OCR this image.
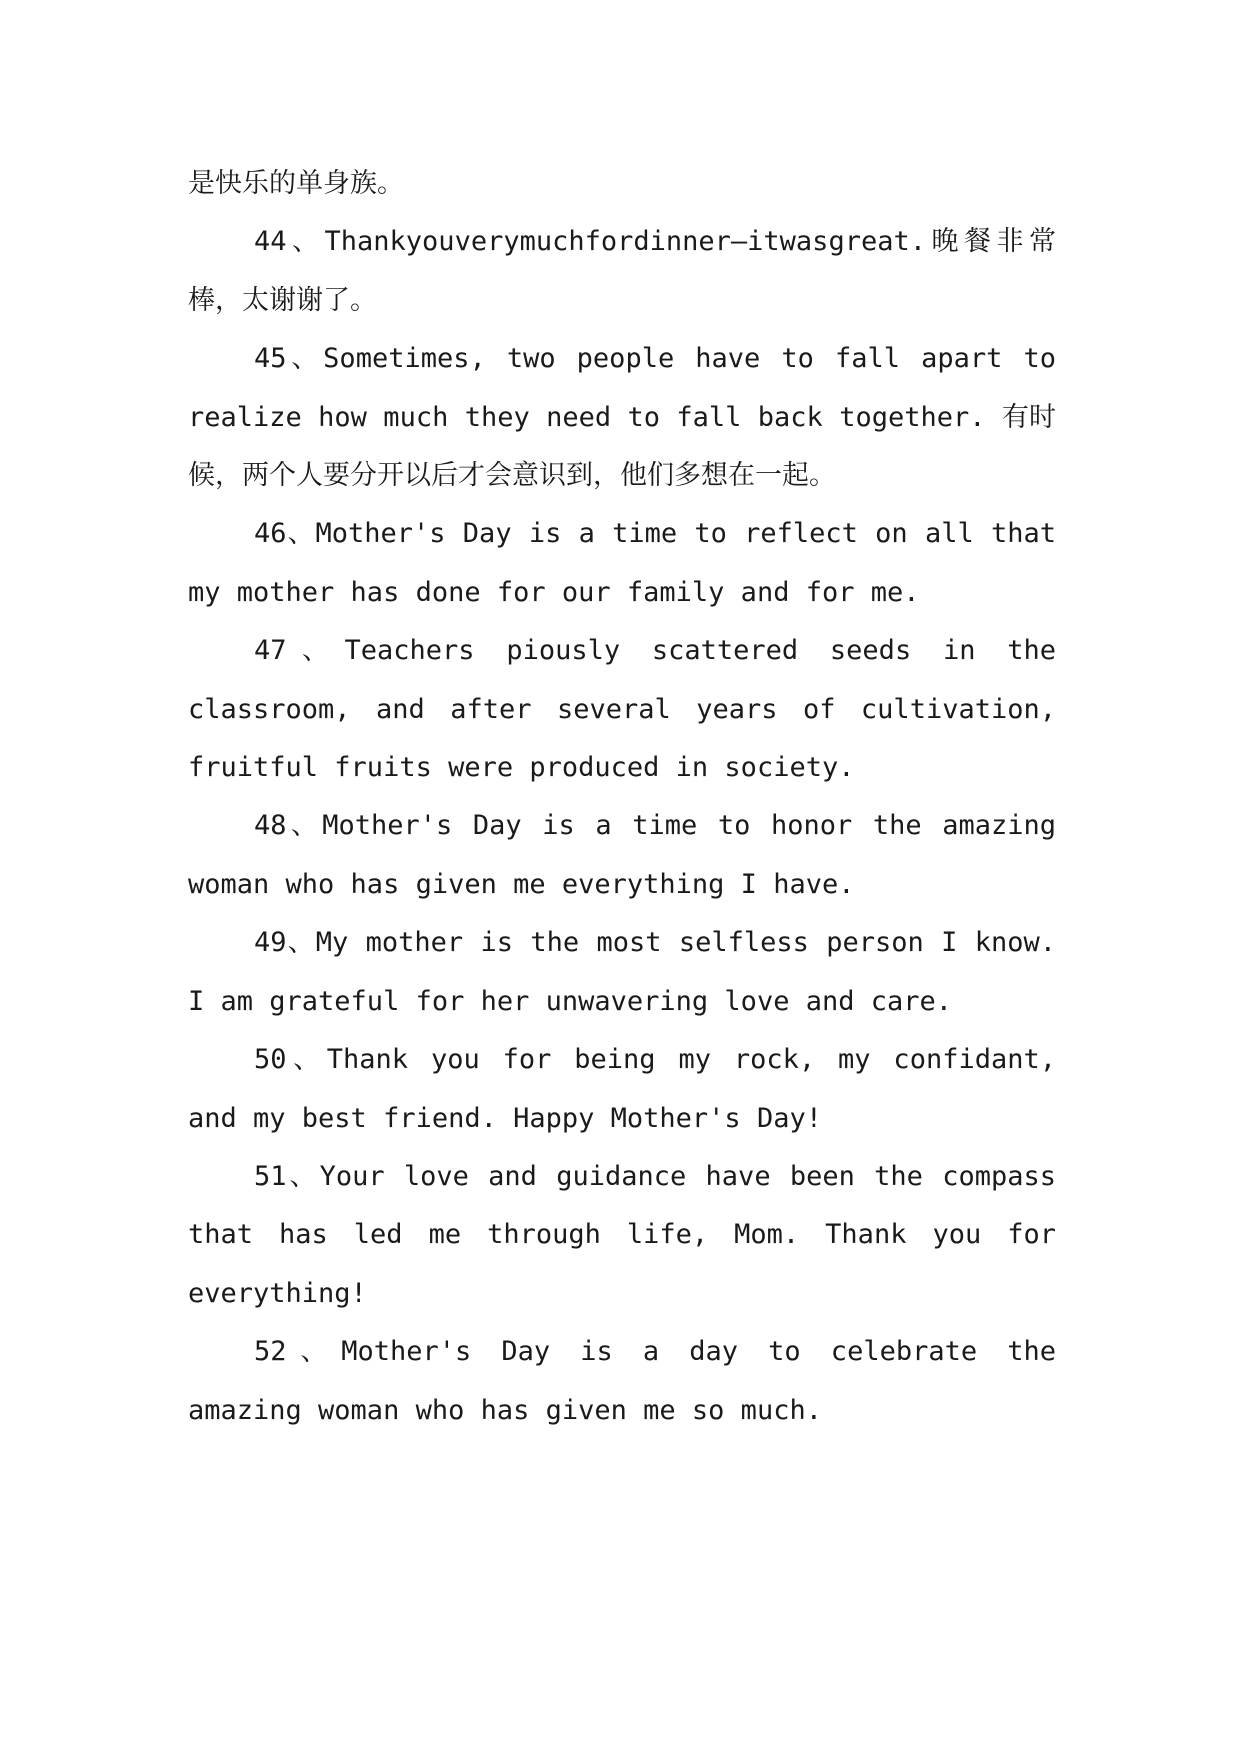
是快乐的单身族。

44、Thankyouverymuchfordinner–itwasgreat.晚餐非常棒，太谢谢了。

45、Sometimes, two people have to fall apart to realize how much they need to fall back together. 有时候，两个人要分开以后才会意识到，他们多想在一起。

46、Mother's Day is a time to reflect on all that my mother has done for our family and for me.

47、Teachers piously scattered seeds in the classroom, and after several years of cultivation, fruitful fruits were produced in society.

48、Mother's Day is a time to honor the amazing woman who has given me everything I have.

49、My mother is the most selfless person I know. I am grateful for her unwavering love and care.

50、Thank you for being my rock, my confidant, and my best friend. Happy Mother's Day!

51、Your love and guidance have been the compass that has led me through life, Mom. Thank you for everything!

52、Mother's Day is a day to celebrate the amazing woman who has given me so much.
